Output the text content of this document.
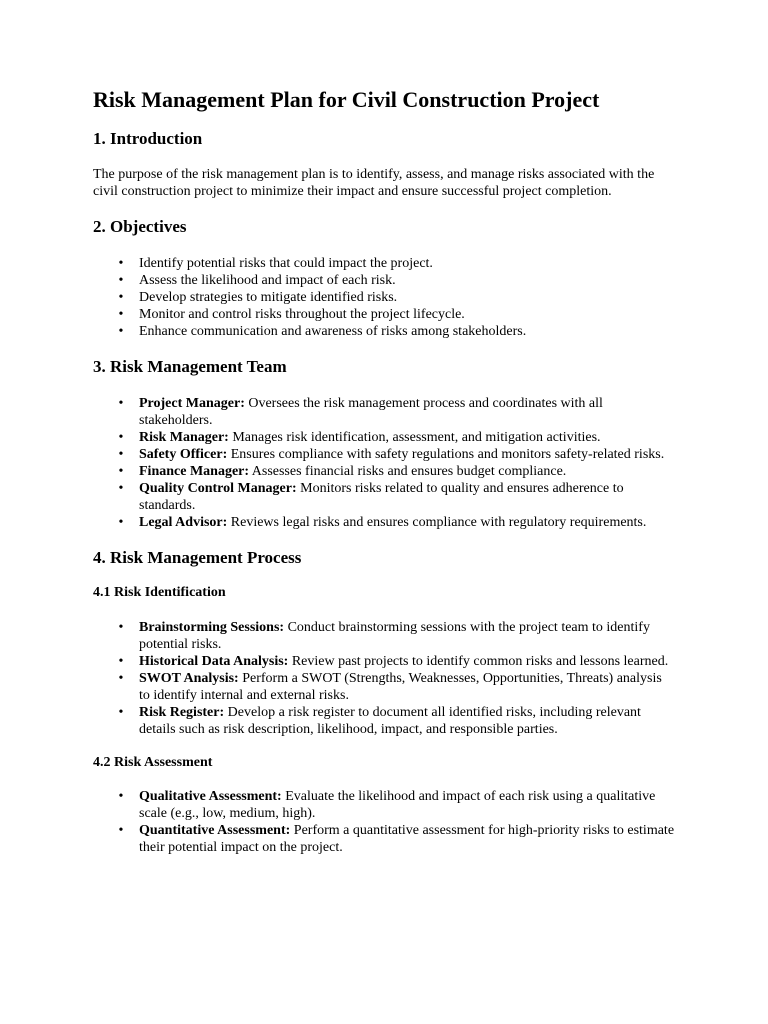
Risk Management Plan for Civil Construction Project
1. Introduction

The purpose of the risk management plan is to identify, assess, and manage risks associated with the civil construction project to minimize their impact and ensure successful project completion.

2. Objectives
• Identify potential risks that could impact the project.
• Assess the likelihood and impact of each risk.
• Develop strategies to mitigate identified risks.
• Monitor and control risks throughout the project lifecycle.
• Enhance communication and awareness of risks among stakeholders.
3. Risk Management Team
• Project Manager: Oversees the risk management process and coordinates with all stakeholders.
• Risk Manager: Manages risk identification, assessment, and mitigation activities.
• Safety Officer: Ensures compliance with safety regulations and monitors safety-related risks.
• Finance Manager: Assesses financial risks and ensures budget compliance.
• Quality Control Manager: Monitors risks related to quality and ensures adherence to standards.
• Legal Advisor: Reviews legal risks and ensures compliance with regulatory requirements.
4. Risk Management Process
4.1 Risk Identification
• Brainstorming Sessions: Conduct brainstorming sessions with the project team to identify potential risks.
• Historical Data Analysis: Review past projects to identify common risks and lessons learned.
• SWOT Analysis: Perform a SWOT (Strengths, Weaknesses, Opportunities, Threats) analysis to identify internal and external risks.
• Risk Register: Develop a risk register to document all identified risks, including relevant details such as risk description, likelihood, impact, and responsible parties.
4.2 Risk Assessment
• Qualitative Assessment: Evaluate the likelihood and impact of each risk using a qualitative scale (e.g., low, medium, high).
• Quantitative Assessment: Perform a quantitative assessment for high-priority risks to estimate their potential impact on the project.
